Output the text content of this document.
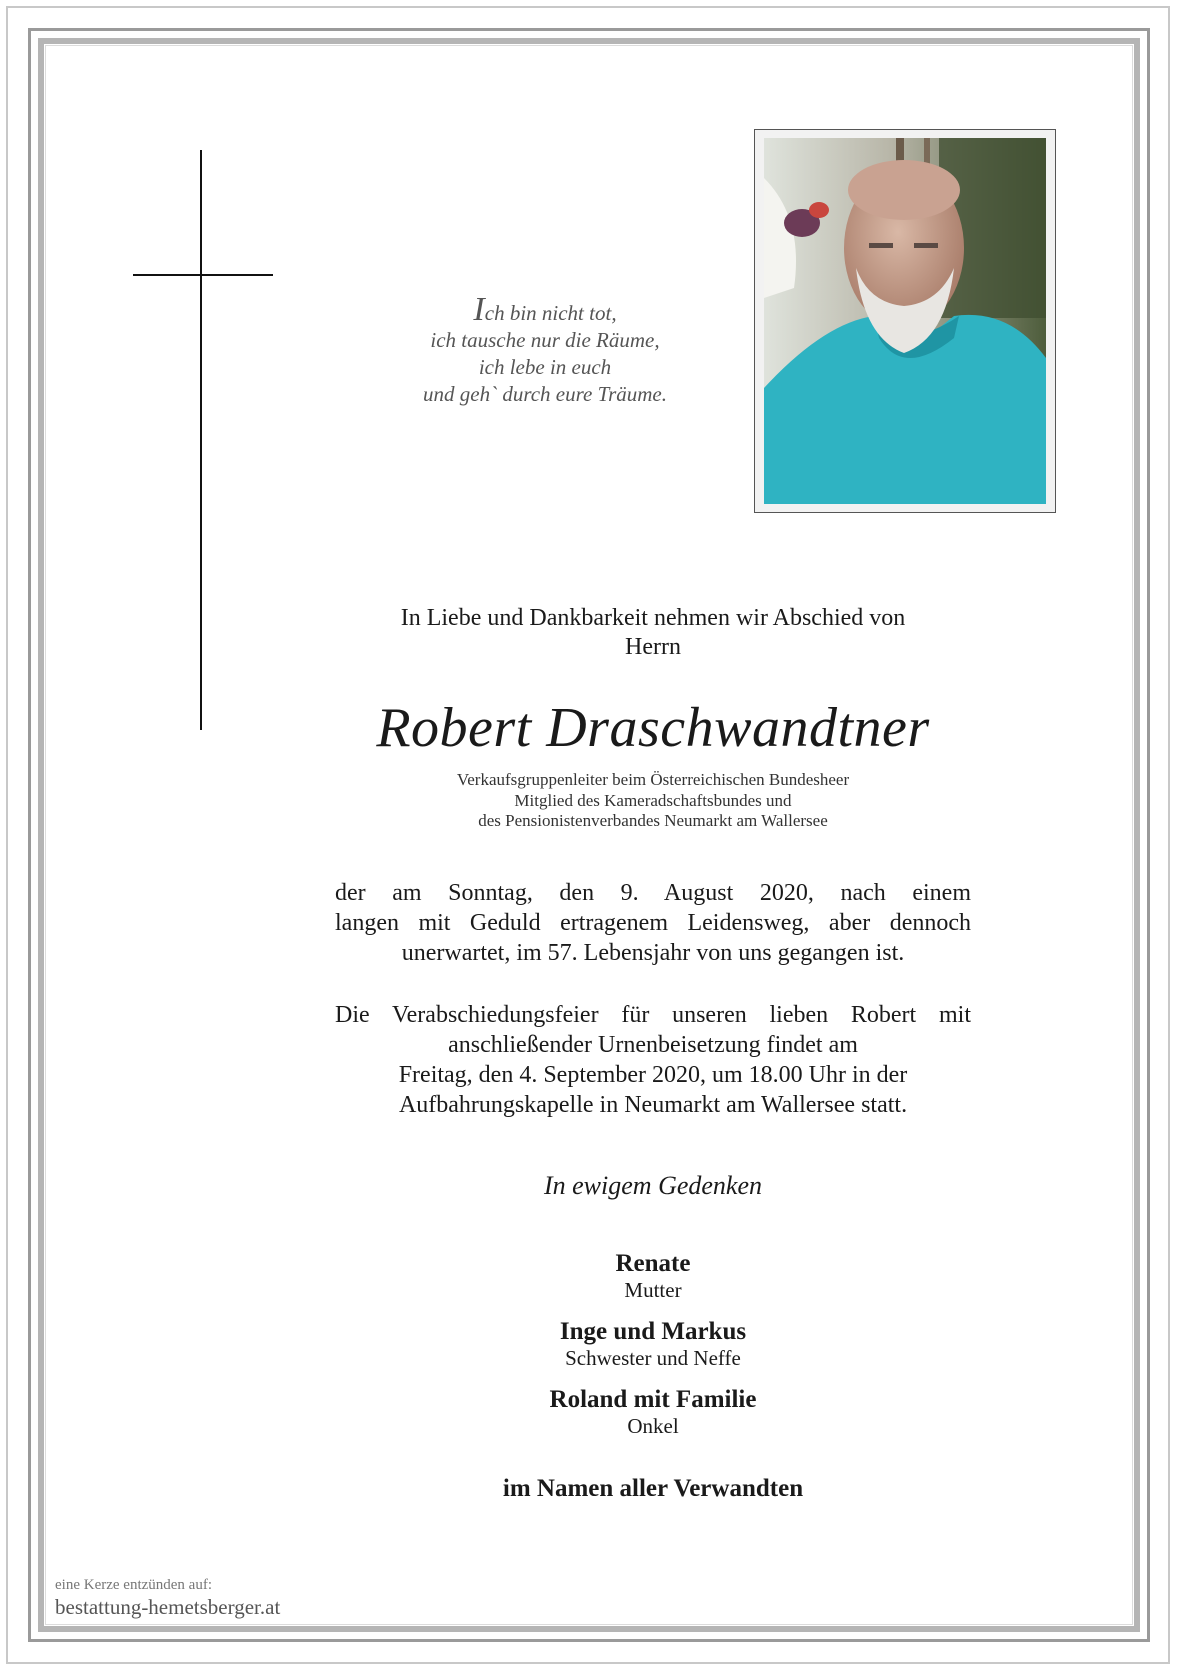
Ich bin nicht tot,
ich tausche nur die Räume,
ich lebe in euch
und geh` durch eure Träume.
In Liebe und Dankbarkeit nehmen wir Abschied von
Herrn
Robert Draschwandtner
Verkaufsgruppenleiter beim Österreichischen Bundesheer
Mitglied des Kameradschaftsbundes und
des Pensionistenverbandes Neumarkt am Wallersee
der am Sonntag, den 9. August 2020, nach einem
langen mit Geduld ertragenem Leidensweg, aber dennoch
unerwartet, im 57. Lebensjahr von uns gegangen ist.
Die Verabschiedungsfeier für unseren lieben Robert mit
anschließender Urnenbeisetzung findet am
Freitag, den 4. September 2020, um 18.00 Uhr in der
Aufbahrungskapelle in Neumarkt am Wallersee statt.
In ewigem Gedenken
Renate
Mutter
Inge und Markus
Schwester und Neffe
Roland mit Familie
Onkel
im Namen aller Verwandten
eine Kerze entzünden auf:
bestattung-hemetsberger.at
